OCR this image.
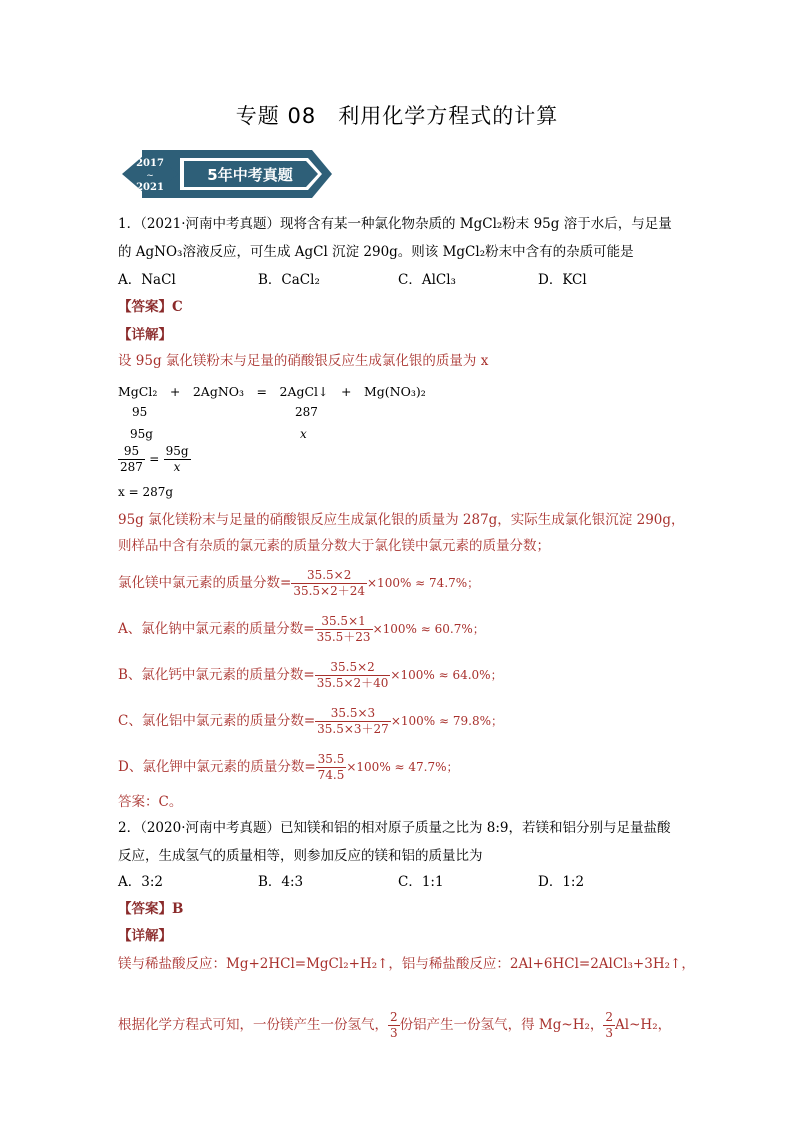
专题 08　利用化学方程式的计算
2017
~
2021
5年中考真题
1．（2021·河南中考真题）现将含有某一种氯化物杂质的 MgCl₂粉末 95g 溶于水后，与足量
的 AgNO₃溶液反应，可生成 AgCl 沉淀 290g。则该 MgCl₂粉末中含有的杂质可能是
A．NaCl	B．CaCl₂	C．AlCl₃	D．KCl
【答案】C
【详解】
设 95g 氯化镁粉末与足量的硝酸银反应生成氯化银的质量为 x
MgCl₂　+　2AgNO₃　=　2AgCl↓　+　Mg(NO₃)₂
95	287
95g	x
$\frac{95}{287} = \frac{95g}{x}$
x = 287g
95g 氯化镁粉末与足量的硝酸银反应生成氯化银的质量为 287g，实际生成氯化银沉淀 290g，
则样品中含有杂质的氯元素的质量分数大于氯化镁中氯元素的质量分数；
氯化镁中氯元素的质量分数= $\frac{35.5\times 2}{35.5\times 2+24} \times 100\% \approx 74.7\%$；
A、氯化钠中氯元素的质量分数= $\frac{35.5\times 1}{35.5+23} \times 100\% \approx 60.7\%$；
B、氯化钙中氯元素的质量分数= $\frac{35.5\times 2}{35.5\times 2+40} \times 100\% \approx 64.0\%$；
C、氯化铝中氯元素的质量分数= $\frac{35.5\times 3}{35.5\times 3+27} \times 100\% \approx 79.8\%$；
D、氯化钾中氯元素的质量分数= $\frac{35.5}{74.5} \times 100\% \approx 47.7\%$；
答案：C。
2．（2020·河南中考真题）已知镁和铝的相对原子质量之比为 8:9，若镁和铝分别与足量盐酸
反应，生成氢气的质量相等，则参加反应的镁和铝的质量比为
A．3:2	B．4:3	C．1:1	D．1:2
【答案】B
【详解】
镁与稀盐酸反应：Mg+2HCl=MgCl₂+H₂↑，铝与稀盐酸反应：2Al+6HCl=2AlCl₃+3H₂↑，
根据化学方程式可知，一份镁产生一份氢气， $\frac{2}{3}$ 份铝产生一份氢气，得 Mg~H₂， $\frac{2}{3}$ Al~H₂，
